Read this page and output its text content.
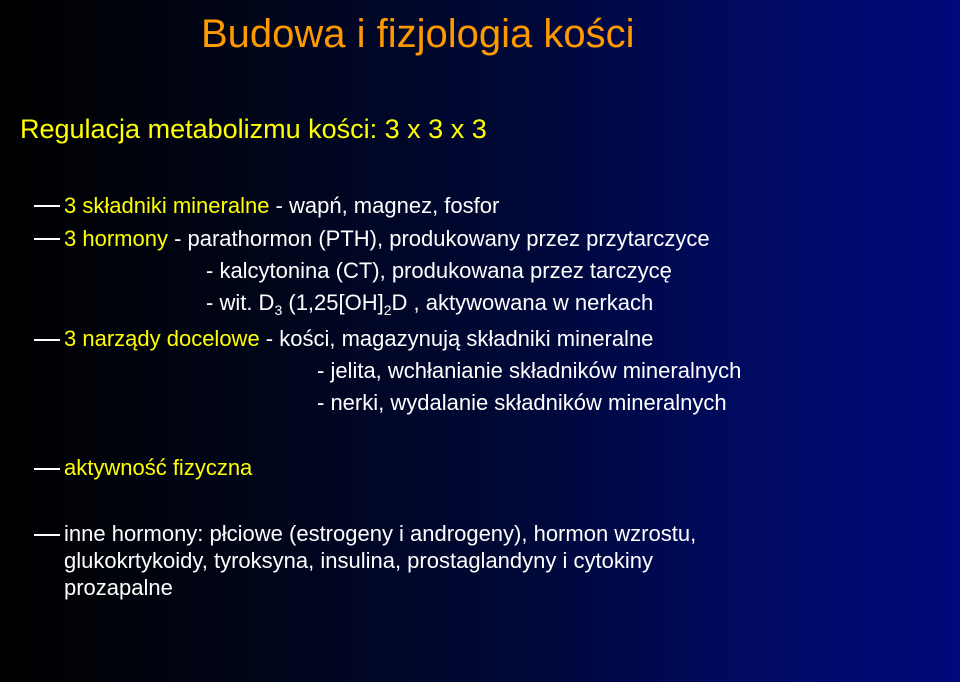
Budowa i fizjologia kości
Regulacja metabolizmu kości: 3 x 3 x 3
3 składniki mineralne - wapń, magnez, fosfor
3 hormony - parathormon (PTH), produkowany przez przytarczyce
- kalcytonina (CT), produkowana przez tarczycę
- wit. $D_3$ ($1,25[OH]_2D$ , aktywowana w nerkach
3 narządy docelowe - kości, magazynują składniki mineralne
- jelita, wchłanianie składników mineralnych
- nerki, wydalanie składników mineralnych
aktywność fizyczna
inne hormony: płciowe (estrogeny i androgeny), hormon wzrostu,
glukokrtykoidy, tyroksyna, insulina, prostaglandyny i cytokiny
prozapalne
